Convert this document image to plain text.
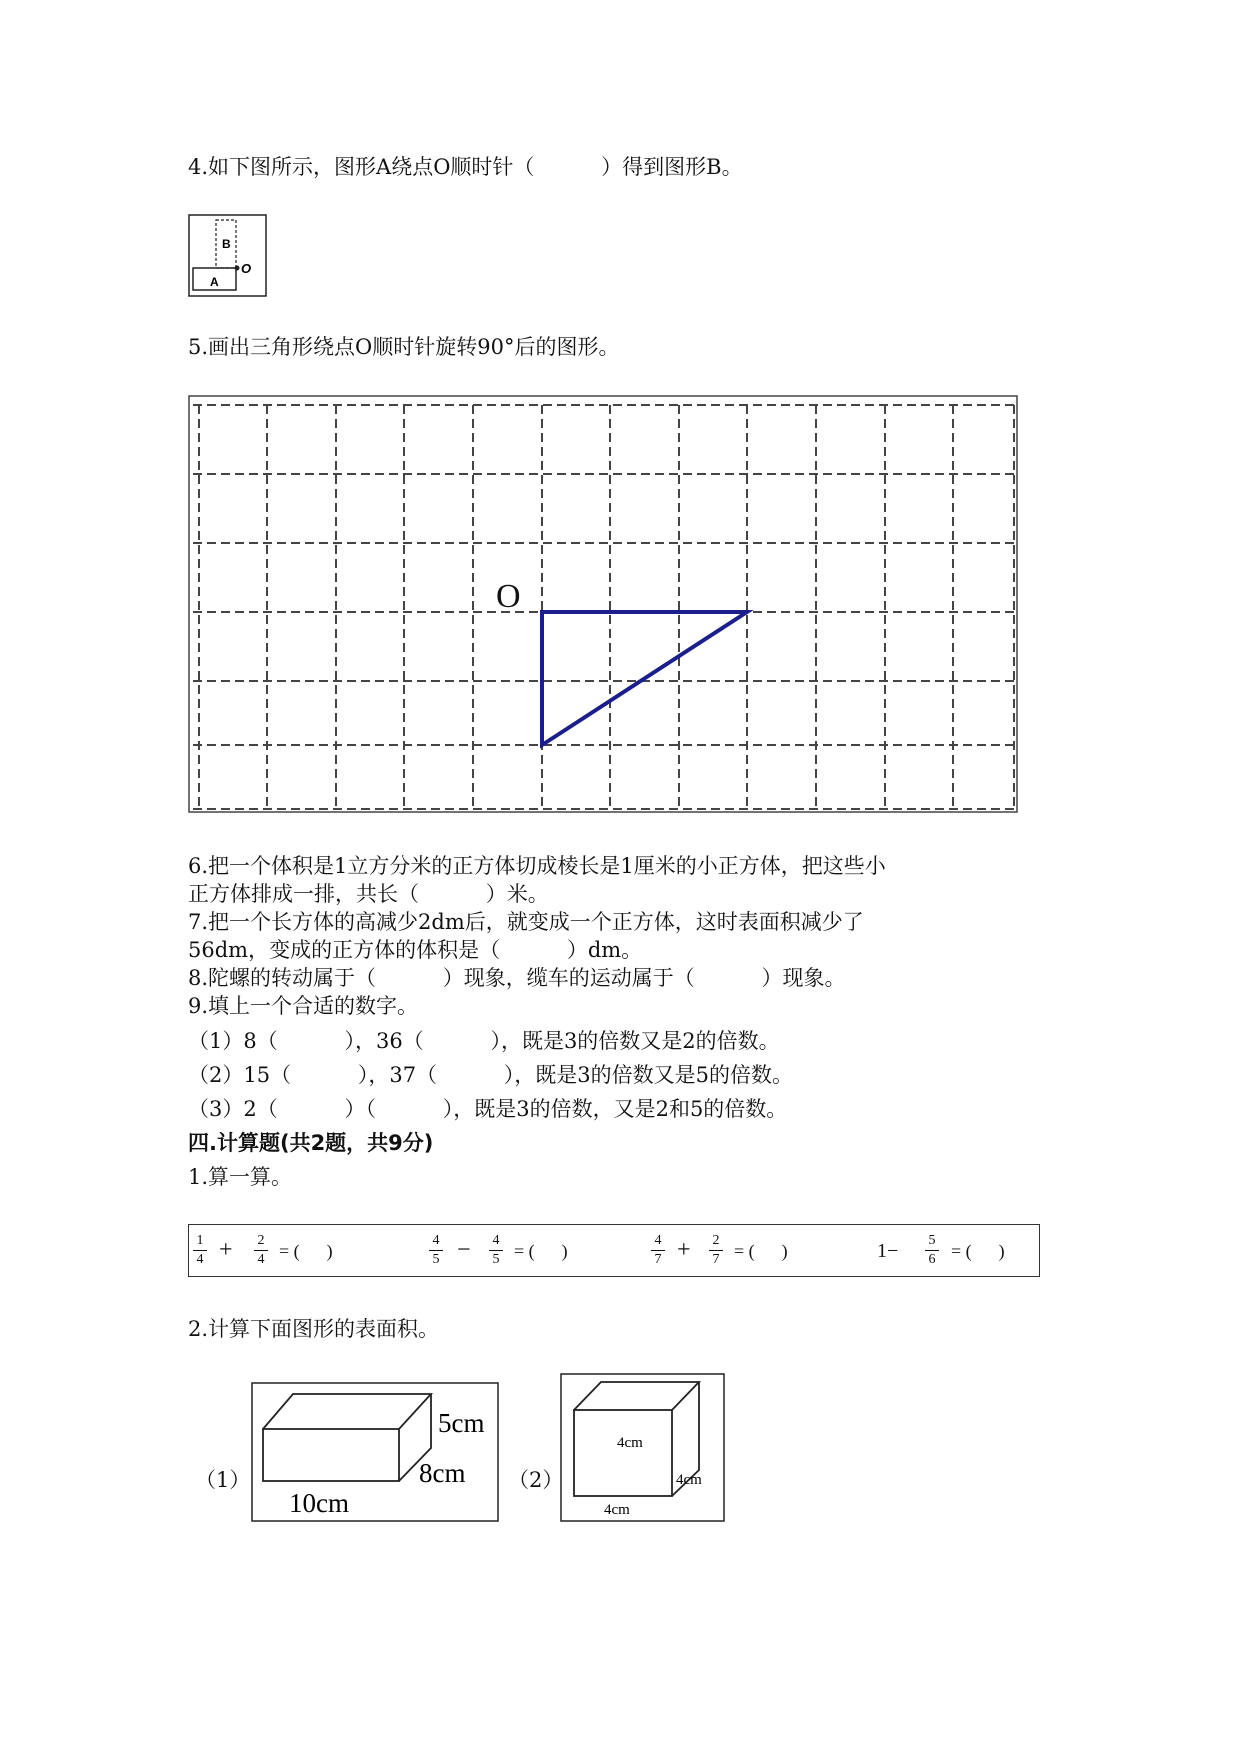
4.如下图所示，图形A绕点O顺时针（          ）得到图形B。
B
A
O
5.画出三角形绕点O顺时针旋转90°后的图形。
O
6.把一个体积是1立方分米的正方体切成棱长是1厘米的小正方体，把这些小
正方体排成一排，共长（          ）米。
7.把一个长方体的高减少2dm后，就变成一个正方体，这时表面积减少了
56dm，变成的正方体的体积是（          ）dm。
8.陀螺的转动属于（          ）现象，缆车的运动属于（          ）现象。
9.填上一个合适的数字。
（1）8（          ），36（          ），既是3的倍数又是2的倍数。
（2）15（          ），37（          ），既是3的倍数又是5的倍数。
（3）2（          ）（          ），既是3的倍数，又是2和5的倍数。
四.计算题(共2题，共9分)
1.算一算。
1
4 + 2
4 = (      )
4
5 − 4
5 = (      )
4
7 + 2
7 = (      )	1− 5
6 = (      )
2.计算下面图形的表面积。
（1）
5cm
8cm
10cm
（2）
4cm
4cm
4cm
